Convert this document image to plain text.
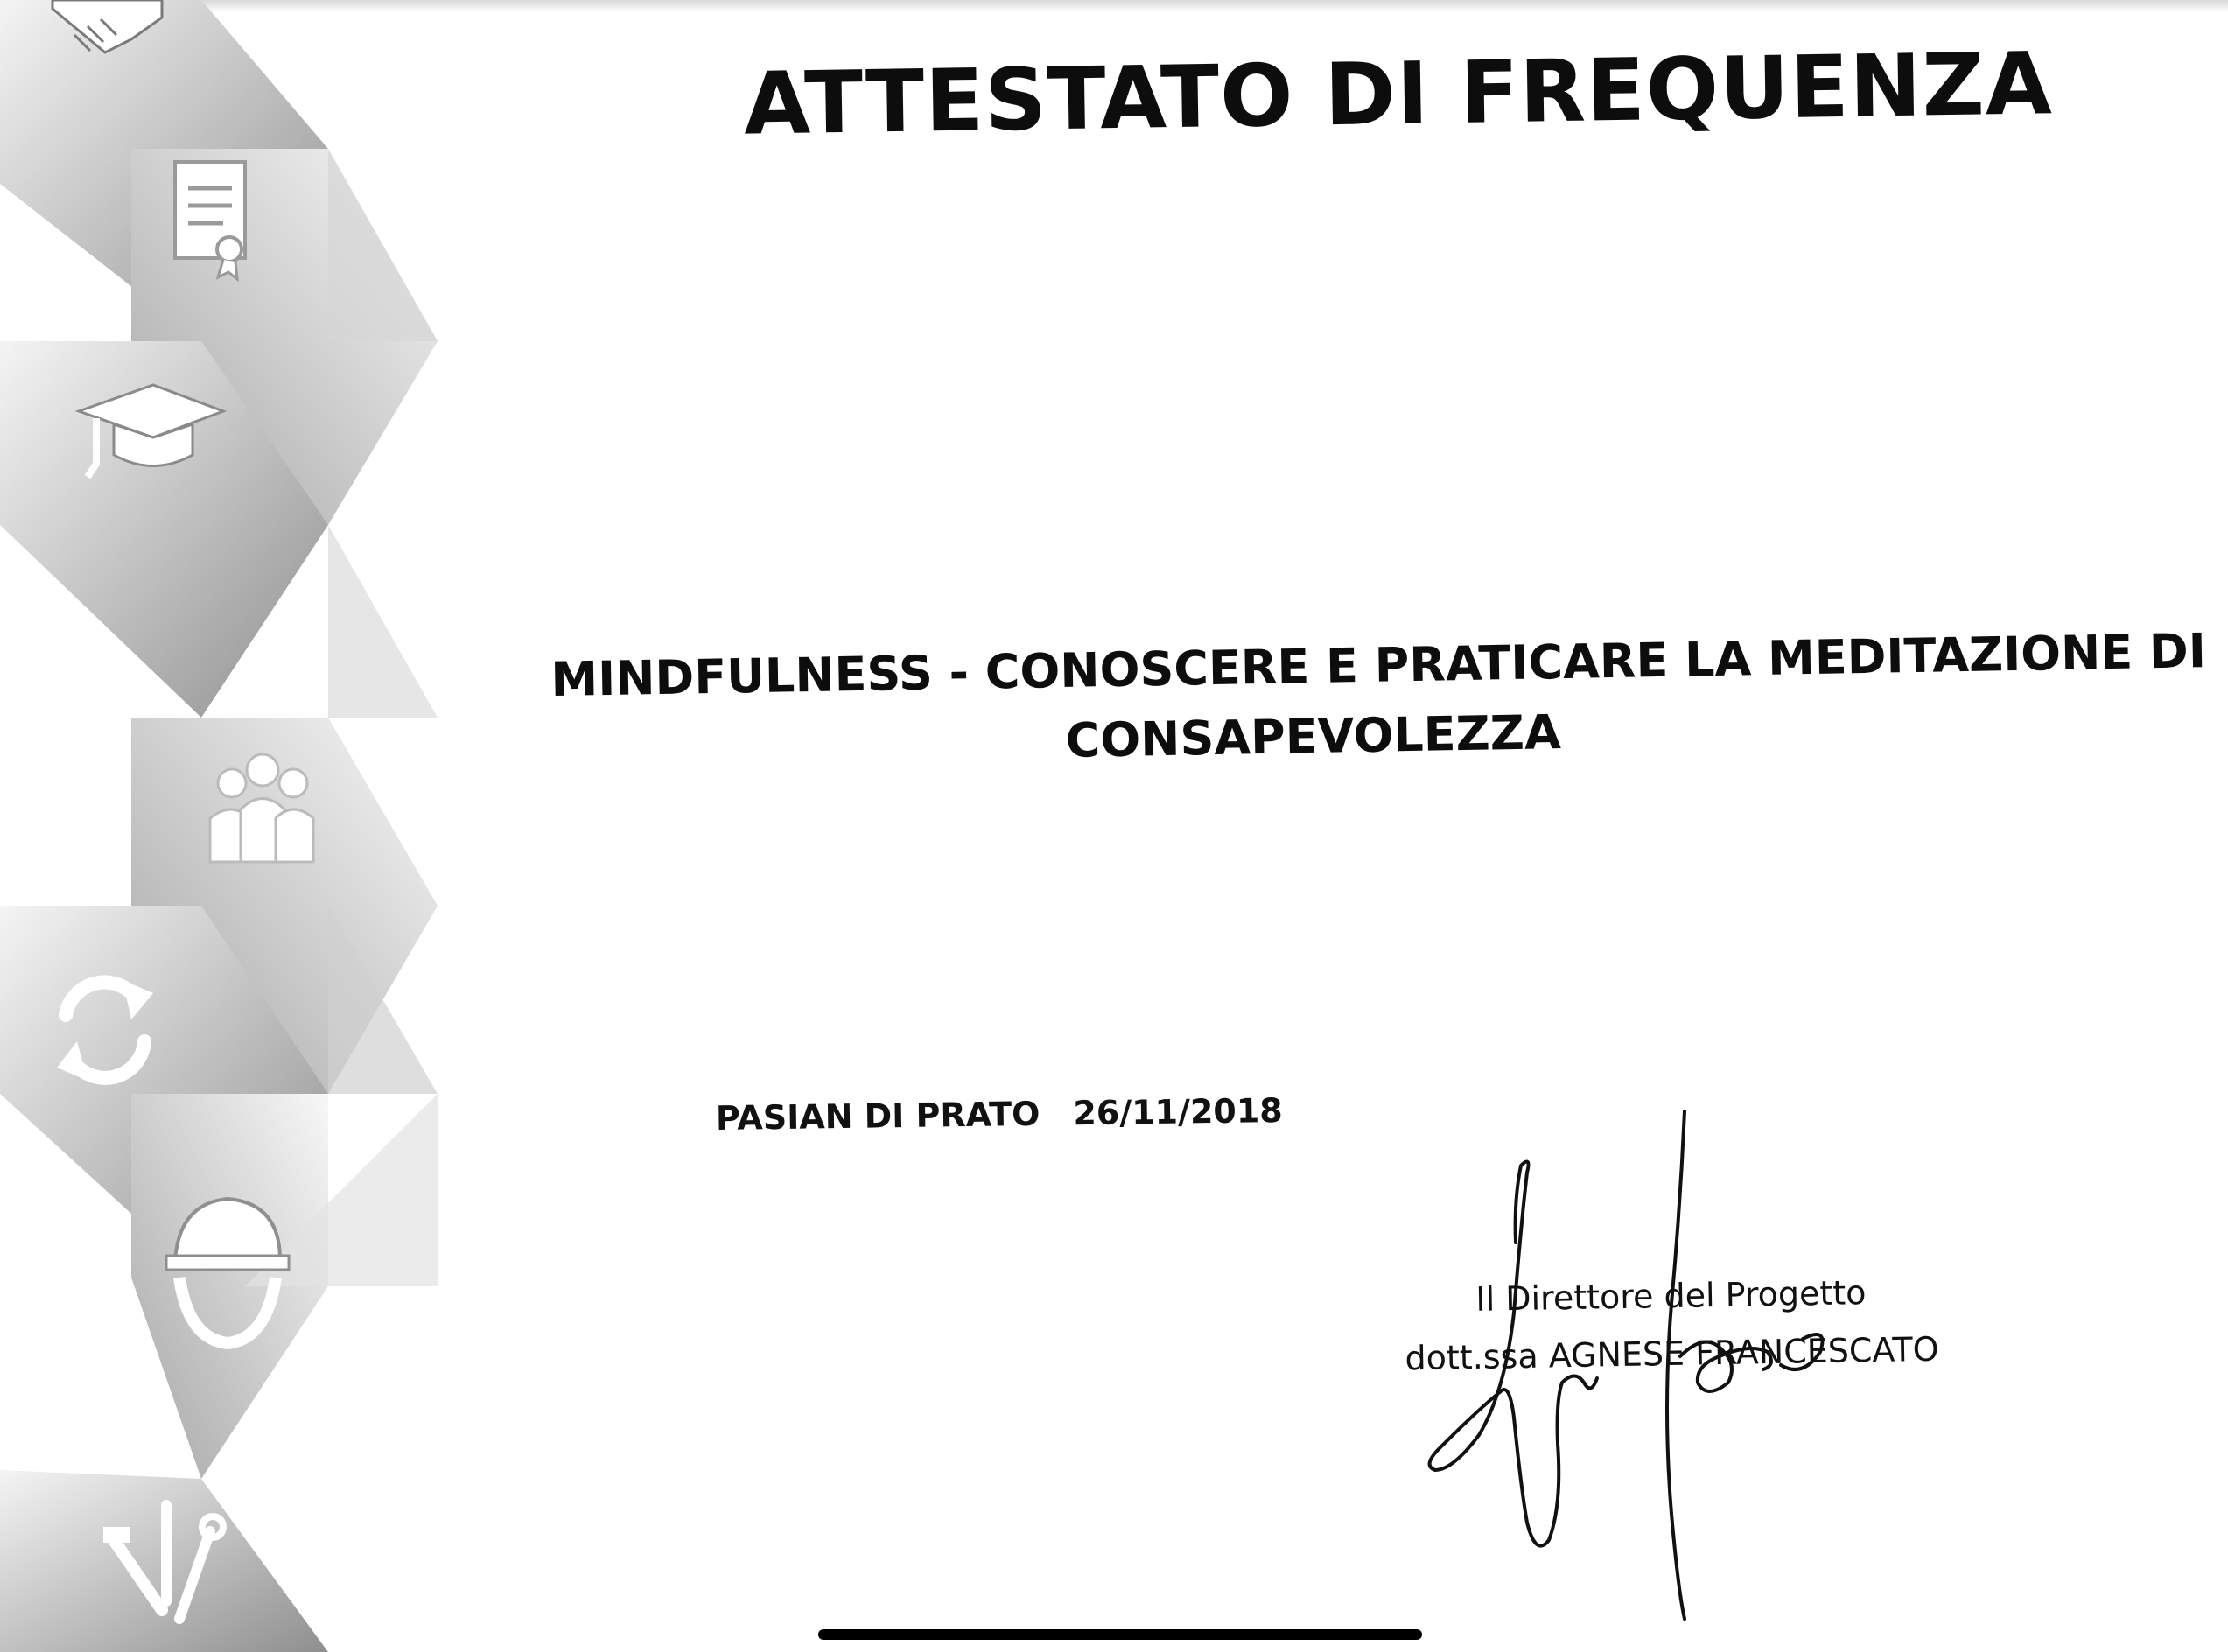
ATTESTATO DI FREQUENZA
MINDFULNESS - CONOSCERE E PRATICARE LA MEDITAZIONE DI
CONSAPEVOLEZZA
PASIAN DI PRATO 26/11/2018
Il Direttore del Progetto
dott.ssa AGNESE FRANCESCATO
